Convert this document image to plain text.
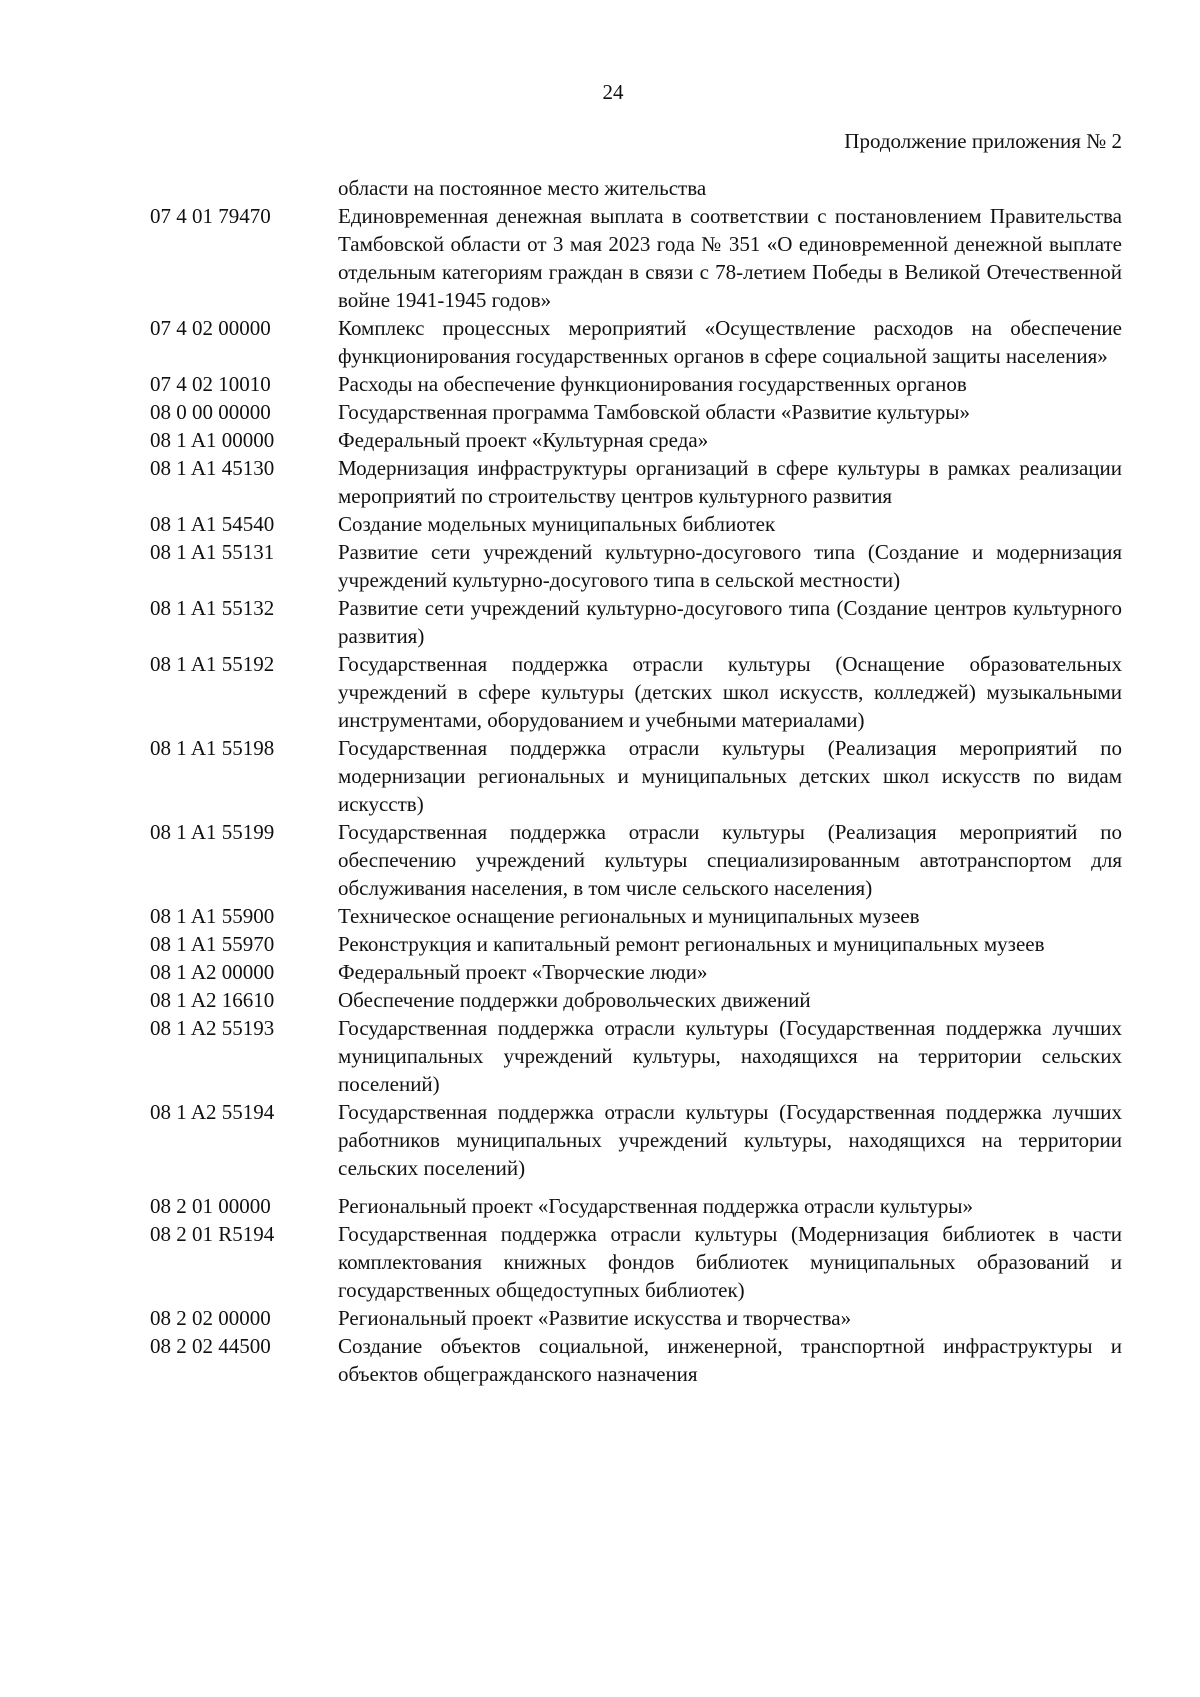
24
Продолжение приложения № 2
области на постоянное место жительства
07 4 01 79470	Единовременная денежная выплата в соответствии с постановлением Правительства Тамбовской области от 3 мая 2023 года № 351 «О единовременной денежной выплате отдельным категориям граждан в связи с 78-летием Победы в Великой Отечественной войне 1941-1945 годов»
07 4 02 00000	Комплекс процессных мероприятий «Осуществление расходов на обеспечение функционирования государственных органов в сфере социальной защиты населения»
07 4 02 10010	Расходы на обеспечение функционирования государственных органов
08 0 00 00000	Государственная программа Тамбовской области «Развитие культуры»
08 1 A1 00000	Федеральный проект «Культурная среда»
08 1 A1 45130	Модернизация инфраструктуры организаций в сфере культуры в рамках реализации мероприятий по строительству центров культурного развития
08 1 A1 54540	Создание модельных муниципальных библиотек
08 1 A1 55131	Развитие сети учреждений культурно-досугового типа (Создание и модернизация учреждений культурно-досугового типа в сельской местности)
08 1 A1 55132	Развитие сети учреждений культурно-досугового типа (Создание центров культурного развития)
08 1 A1 55192	Государственная поддержка отрасли культуры (Оснащение образовательных учреждений в сфере культуры (детских школ искусств, колледжей) музыкальными инструментами, оборудованием и учебными материалами)
08 1 A1 55198	Государственная поддержка отрасли культуры (Реализация мероприятий по модернизации региональных и муниципальных детских школ искусств по видам искусств)
08 1 A1 55199	Государственная поддержка отрасли культуры (Реализация мероприятий по обеспечению учреждений культуры специализированным автотранспортом для обслуживания населения, в том числе сельского населения)
08 1 A1 55900	Техническое оснащение региональных и муниципальных музеев
08 1 A1 55970	Реконструкция и капитальный ремонт региональных и муниципальных музеев
08 1 A2 00000	Федеральный проект «Творческие люди»
08 1 A2 16610	Обеспечение поддержки добровольческих движений
08 1 A2 55193	Государственная поддержка отрасли культуры (Государственная поддержка лучших муниципальных учреждений культуры, находящихся на территории сельских поселений)
08 1 A2 55194	Государственная поддержка отрасли культуры (Государственная поддержка лучших работников муниципальных учреждений культуры, находящихся на территории сельских поселений)
08 2 01 00000	Региональный проект «Государственная поддержка отрасли культуры»
08 2 01 R5194	Государственная поддержка отрасли культуры (Модернизация библиотек в части комплектования книжных фондов библиотек муниципальных образований и государственных общедоступных библиотек)
08 2 02 00000	Региональный проект «Развитие искусства и творчества»
08 2 02 44500	Создание объектов социальной, инженерной, транспортной инфраструктуры и объектов общегражданского назначения
